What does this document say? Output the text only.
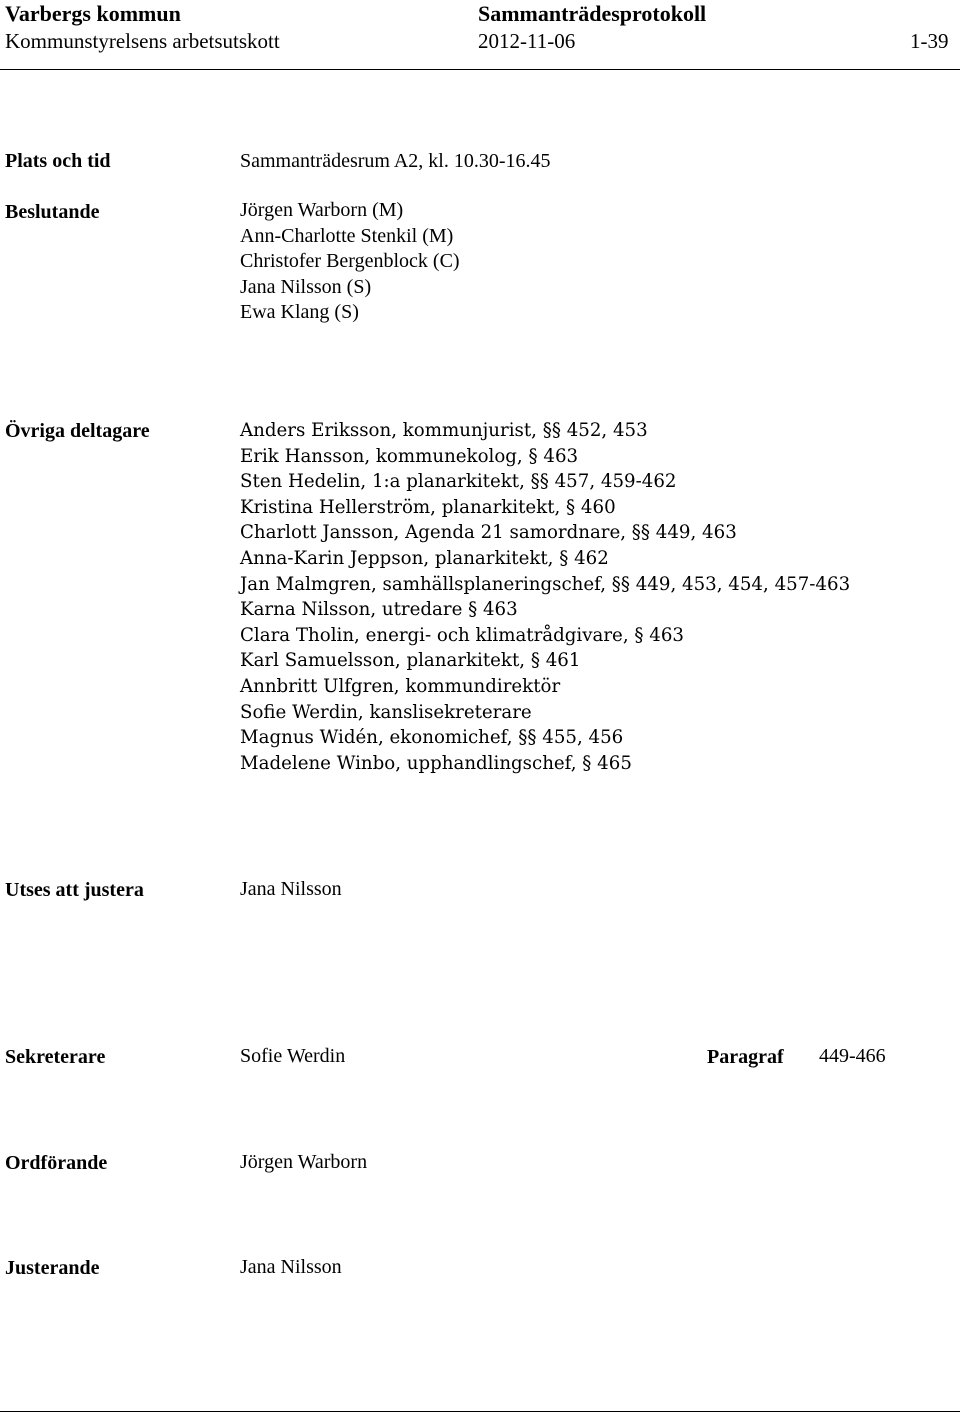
Varbergs kommun	Sammanträdesprotokoll
Kommunstyrelsens arbetsutskott	2012-11-06	1-39
Plats och tid	Sammanträdesrum A2, kl. 10.30-16.45
Beslutande	Jörgen Warborn (M)
Ann-Charlotte Stenkil (M)
Christofer Bergenblock (C)
Jana Nilsson (S)
Ewa Klang (S)
Övriga deltagare	Anders Eriksson, kommunjurist, §§ 452, 453
Erik Hansson, kommunekolog, § 463
Sten Hedelin, 1:a planarkitekt, §§ 457, 459-462
Kristina Hellerström, planarkitekt, § 460
Charlott Jansson, Agenda 21 samordnare, §§ 449, 463
Anna-Karin Jeppson, planarkitekt, § 462
Jan Malmgren, samhällsplaneringschef, §§ 449, 453, 454, 457-463
Karna Nilsson, utredare § 463
Clara Tholin, energi- och klimatrådgivare, § 463
Karl Samuelsson, planarkitekt, § 461
Annbritt Ulfgren, kommundirektör
Sofie Werdin, kanslisekreterare
Magnus Widén, ekonomichef, §§ 455, 456
Madelene Winbo, upphandlingschef, § 465
Utses att justera	Jana Nilsson
Sekreterare	Sofie Werdin	Paragraf 449-466
Ordförande	Jörgen Warborn
Justerande	Jana Nilsson
